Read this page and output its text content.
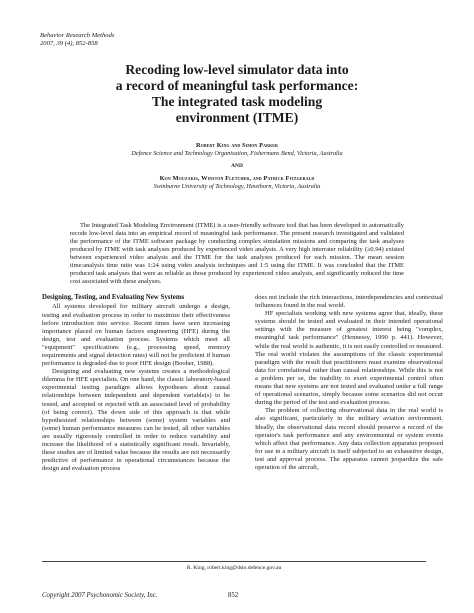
Behavior Research Methods
2007, 39 (4), 852-858
Recoding low-level simulator data into
a record of meaningful task performance:
The integrated task modeling
environment (ITME)
Robert King and Simon Parker
Defence Science and Technology Organisation, Fishermans Bend, Victoria, Australia
AND
Kon Mouzakis, Winston Fletcher, and Patrick Fitzgerald
Swinburne University of Technology, Hawthorn, Victoria, Australia
The Integrated Task Modeling Environment (ITME) is a user-friendly software tool that has been developed to automatically recode low-level data into an empirical record of meaningful task performance. The present research investigated and validated the performance of the ITME software package by conducting complex simulation missions and comparing the task analyses produced by ITME with task analyses produced by experienced video analysts. A very high interrater reliability (≥0.94) existed between experienced video analysts and the ITME for the task analyses produced for each mission. The mean session time:analysis time ratio was 1:24 using video analysis techniques and 1:5 using the ITME. It was concluded that the ITME produced task analyses that were as reliable as those produced by experienced video analysts, and significantly reduced the time cost associated with these analyses.
Designing, Testing, and Evaluating New Systems

All systems developed for military aircraft undergo a design, testing and evaluation process in order to maximize their effectiveness before introduction into service. Recent times have seen increasing importance placed on human factors engineering (HFE) during the design, test and evaluation process. Systems which meet all "equipment" specifications (e.g., processing speed, memory requirements and signal detection rates) will not be proficient if human performance is degraded due to poor HFE design (Booher, 1988).

Designing and evaluating new systems creates a methodological dilemma for HFE specialists. On one hand, the classic laboratory-based experimental testing paradigm allows hypotheses about causal relationships between independent and dependent variable(s) to be tested, and accepted or rejected with an associated level of probability (of being correct). The down side of this approach is that while hypothesized relationships between (some) system variables and (some) human performance measures can be tested, all other variables are usually rigorously controlled in order to reduce variability and increase the likelihood of a statistically significant result. Invariably, these studies are of limited value because the results are not necessarily predictive of performance in operational circumstances because the design and evaluation process

does not include the rich interactions, interdependencies and contextual influences found in the real world.

HF specialists working with new systems agree that, ideally, these systems should be tested and evaluated in their intended operational settings with the measure of greatest interest being "complex, meaningful task performance" (Hennessy, 1990 p. 441). However, while the real world is authentic, it is not easily controlled or measured. The real world violates the assumptions of the classic experimental paradigm with the result that practitioners must examine observational data for correlational rather than causal relationships. While this is not a problem per se, the inability to exert experimental control often means that new systems are not tested and evaluated under a full range of operational scenarios, simply because some scenarios did not occur during the period of the test and evaluation process.

The problem of collecting observational data in the real world is also significant, particularly in the military aviation environment. Ideally, the observational data record should preserve a record of the operator's task performance and any environmental or system events which affect that performance. Any data collection apparatus proposed for use in a military aircraft is itself subjected to an exhaustive design, test and approval process. The apparatus cannot jeopardize the safe operation of the aircraft,

R. King, robert.king@dsto.defence.gov.au
Copyright 2007 Psychonomic Society, Inc.	852
